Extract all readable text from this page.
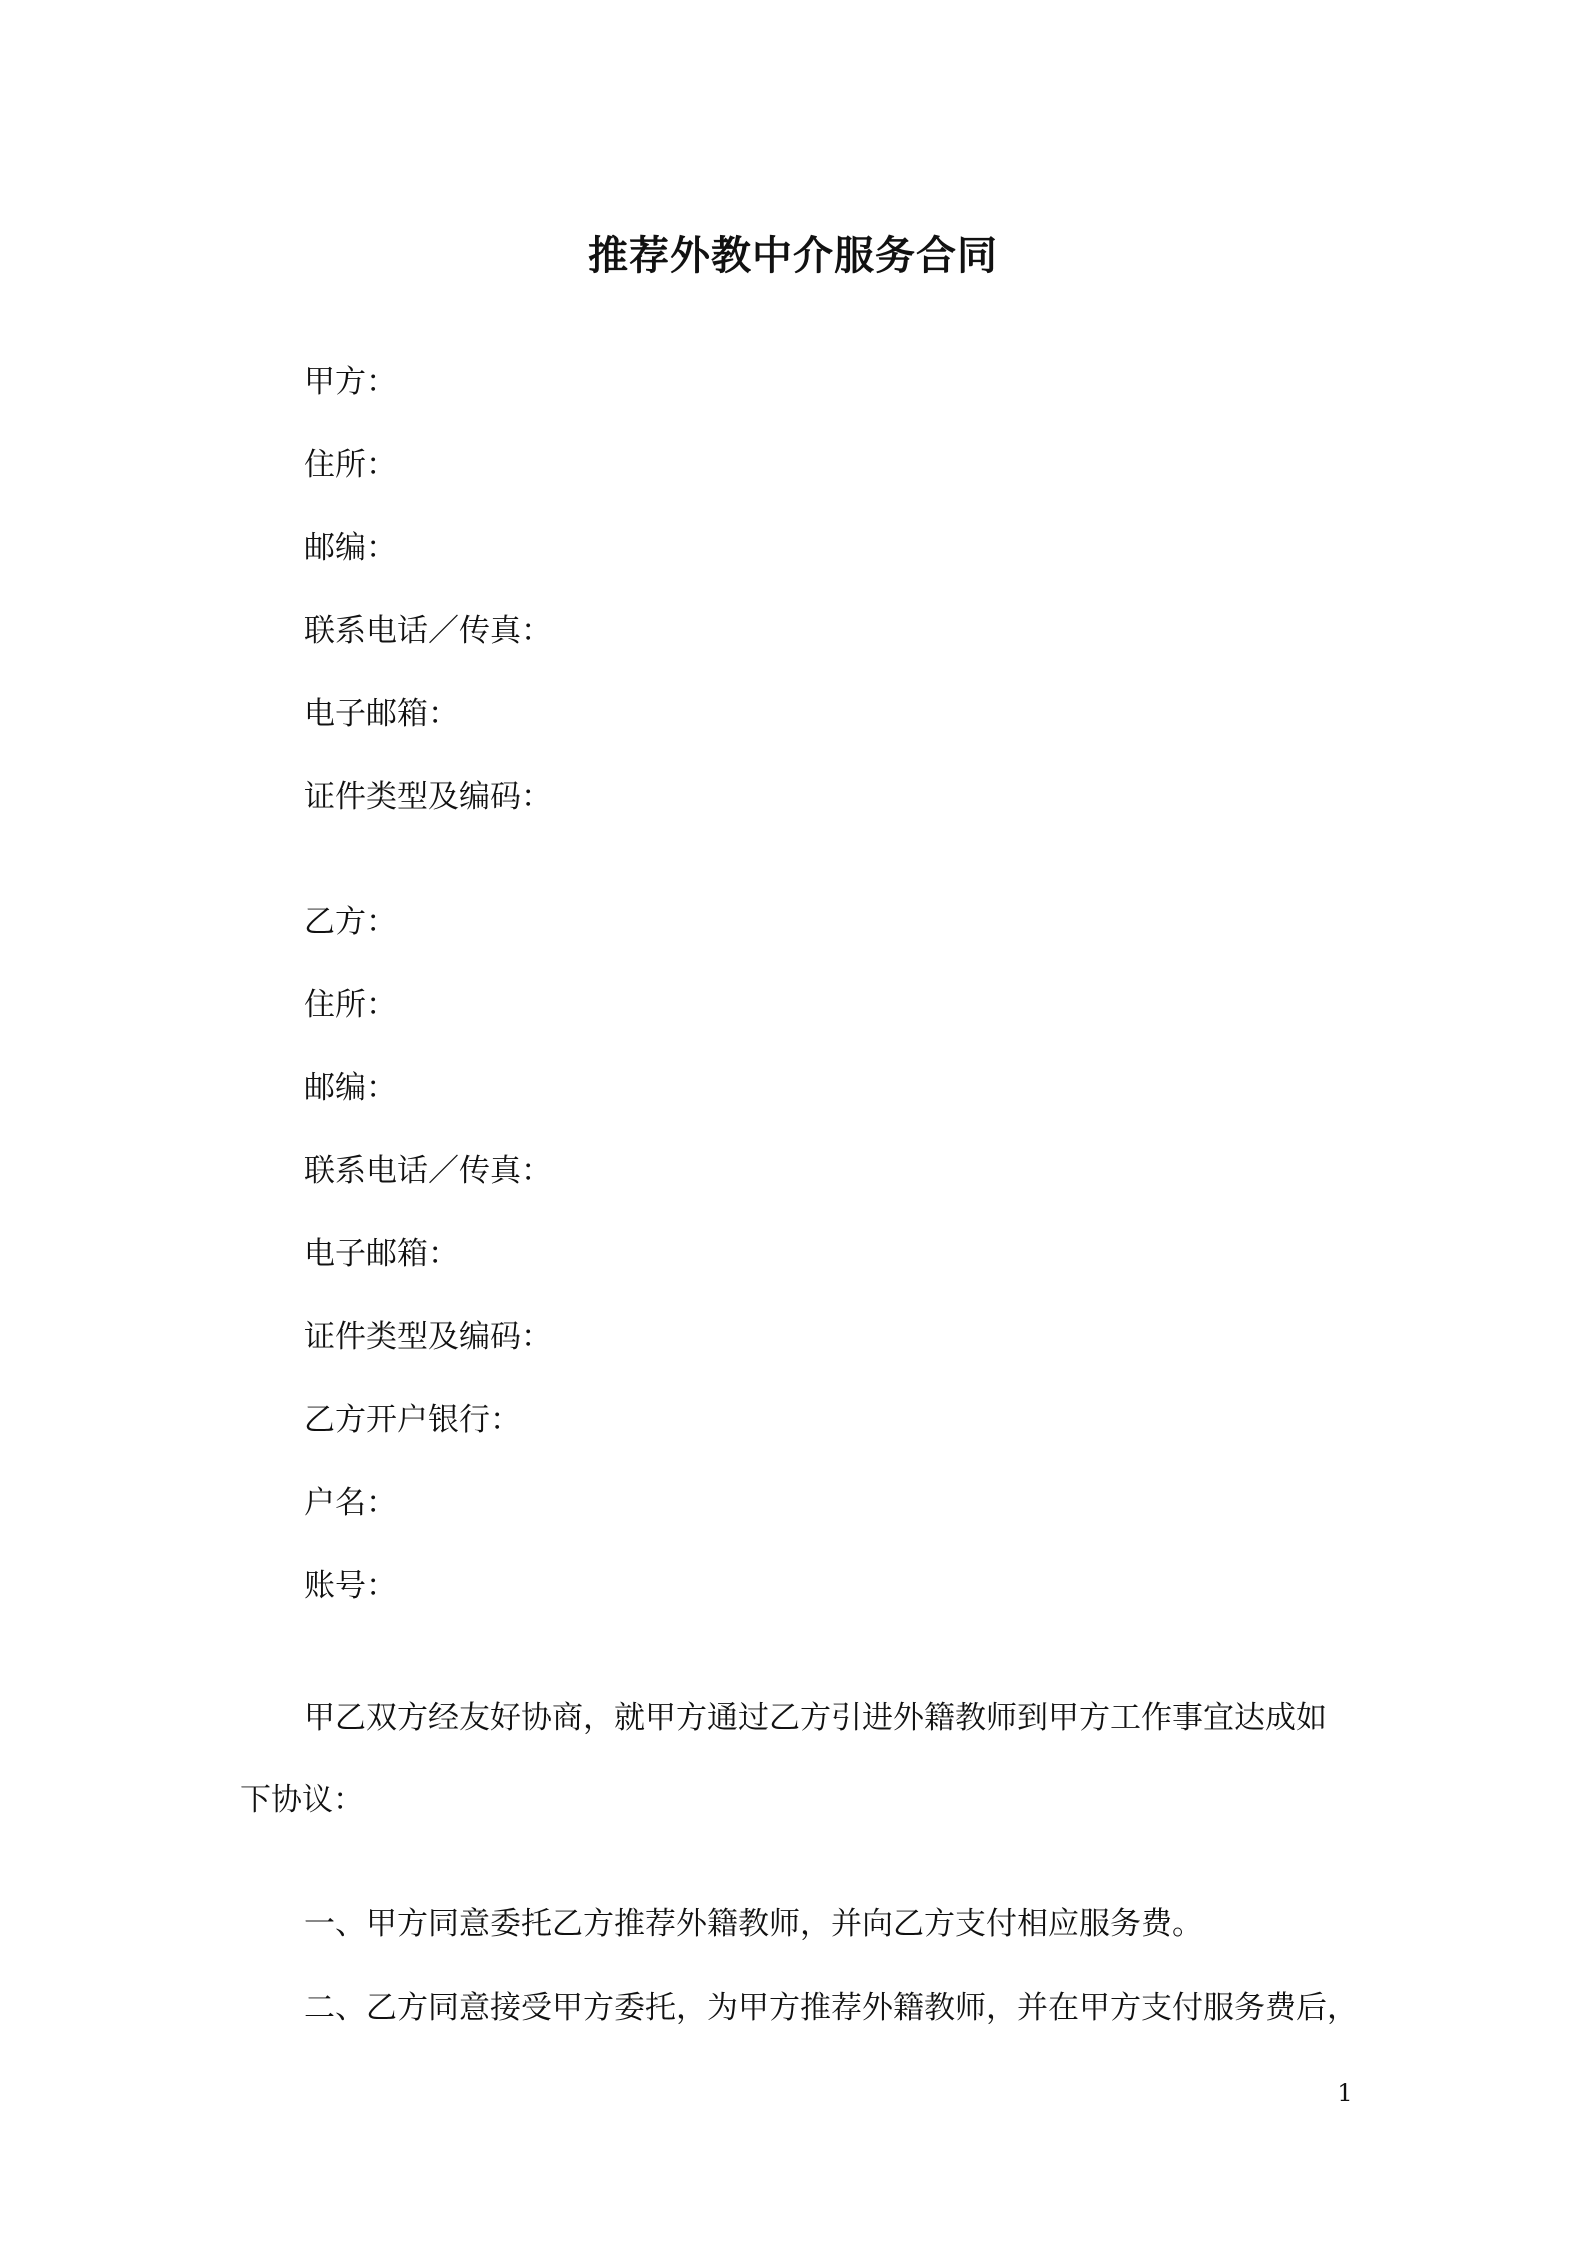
推荐外教中介服务合同

甲方：

住所：

邮编：

联系电话／传真：

电子邮箱：

证件类型及编码：

乙方：

住所：

邮编：

联系电话／传真：

电子邮箱：

证件类型及编码：

乙方开户银行：

户名：

账号：

甲乙双方经友好协商，就甲方通过乙方引进外籍教师到甲方工作事宜达成如

下协议：

一、甲方同意委托乙方推荐外籍教师，并向乙方支付相应服务费。

二、乙方同意接受甲方委托，为甲方推荐外籍教师，并在甲方支付服务费后，

1
